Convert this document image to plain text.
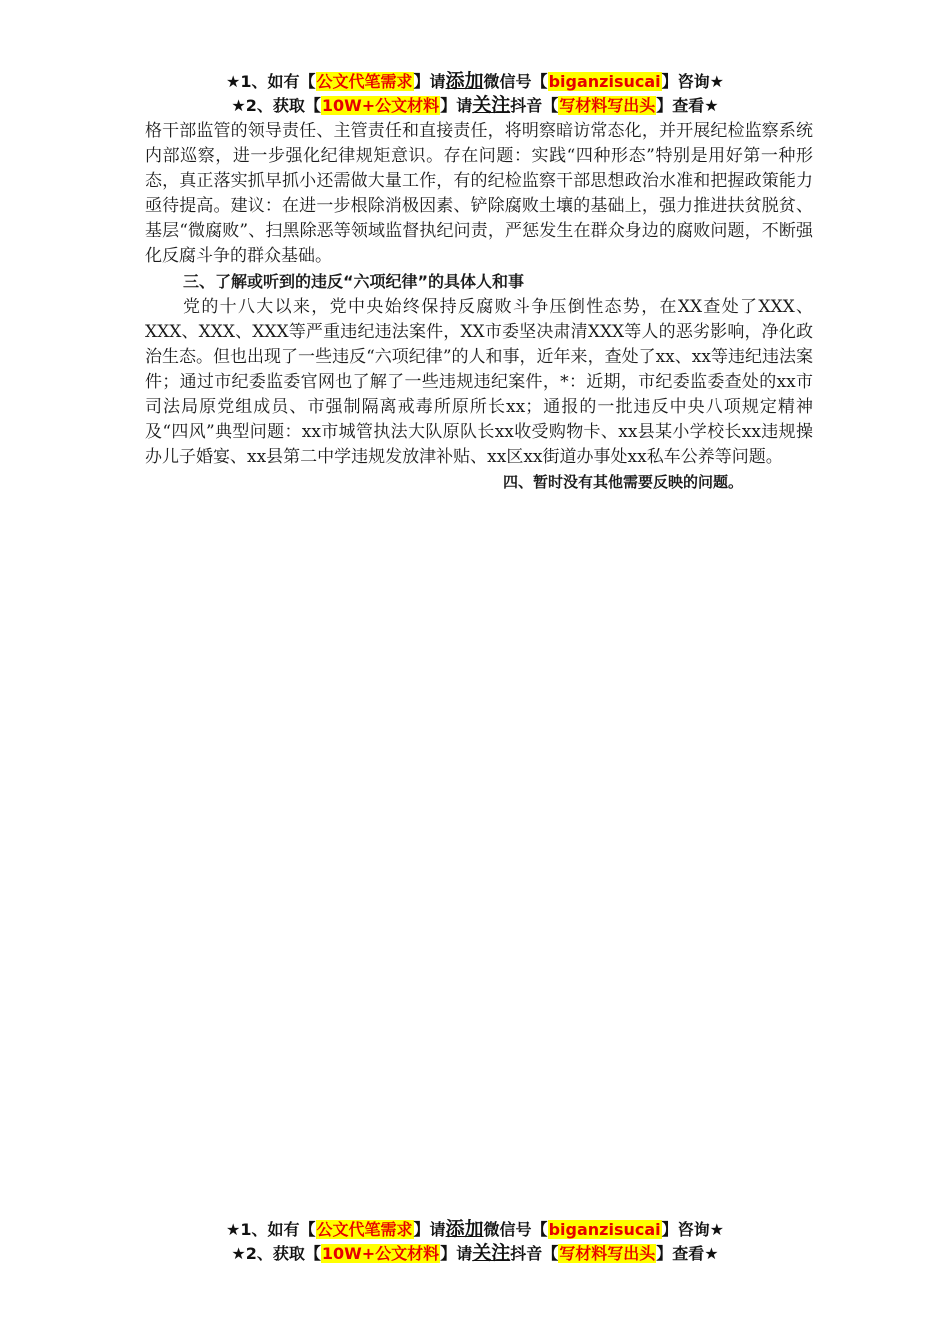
★1、如有【公文代笔需求】请添加微信号【biganzisucai】咨询★
★2、获取【10W+公文材料】请关注抖音【写材料写出头】查看★

格干部监管的领导责任、主管责任和直接责任，将明察暗访常态化，并开展纪检监察系统内部巡察，进一步强化纪律规矩意识。存在问题：实践“四种形态”特别是用好第一种形态，真正落实抓早抓小还需做大量工作，有的纪检监察干部思想政治水准和把握政策能力亟待提高。建议：在进一步根除消极因素、铲除腐败土壤的基础上，强力推进扶贫脱贫、基层“微腐败”、扫黑除恶等领域监督执纪问责，严惩发生在群众身边的腐败问题，不断强化反腐斗争的群众基础。

三、了解或听到的违反“六项纪律”的具体人和事

党的十八大以来，党中央始终保持反腐败斗争压倒性态势，在XX查处了XXX、XXX、XXX、XXX等严重违纪违法案件，XX市委坚决肃清XXX等人的恶劣影响，净化政治生态。但也出现了一些违反“六项纪律”的人和事，近年来，查处了xx、xx等违纪违法案件；通过市纪委监委官网也了解了一些违规违纪案件，*：近期，市纪委监委查处的xx市司法局原党组成员、市强制隔离戒毒所原所长xx；通报的一批违反中央八项规定精神及“四风”典型问题：xx市城管执法大队原队长xx收受购物卡、xx县某小学校长xx违规操办儿子婚宴、xx县第二中学违规发放津补贴、xx区xx街道办事处xx私车公养等问题。

四、暂时没有其他需要反映的问题。

★1、如有【公文代笔需求】请添加微信号【biganzisucai】咨询★
★2、获取【10W+公文材料】请关注抖音【写材料写出头】查看★
